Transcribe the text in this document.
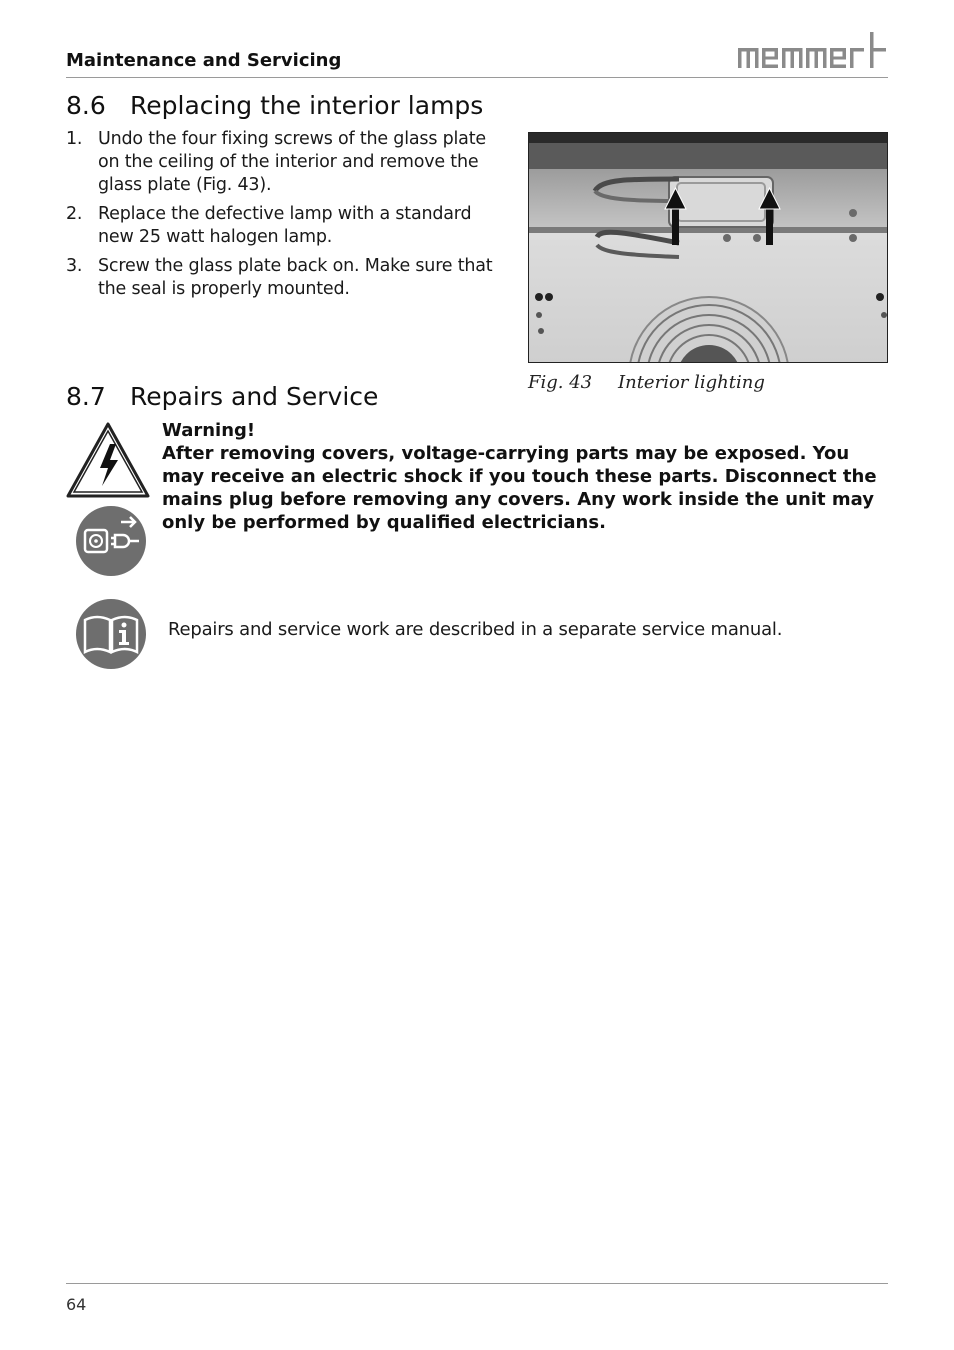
Maintenance and Servicing
8.6 Replacing the interior lamps
1. Undo the four fixing screws of the glass plate on the ceiling of the interior and remove the glass plate (Fig. 43).
2. Replace the defective lamp with a standard new 25 watt halogen lamp.
3. Screw the glass plate back on. Make sure that the seal is properly mounted.
Fig. 43 Interior lighting
8.7 Repairs and Service
Warning!
After removing covers, voltage-carrying parts may be exposed. You may receive an electric shock if you touch these parts. Disconnect the mains plug before removing any covers. Any work inside the unit may only be performed by qualified electricians.
Repairs and service work are described in a separate service manual.
64
